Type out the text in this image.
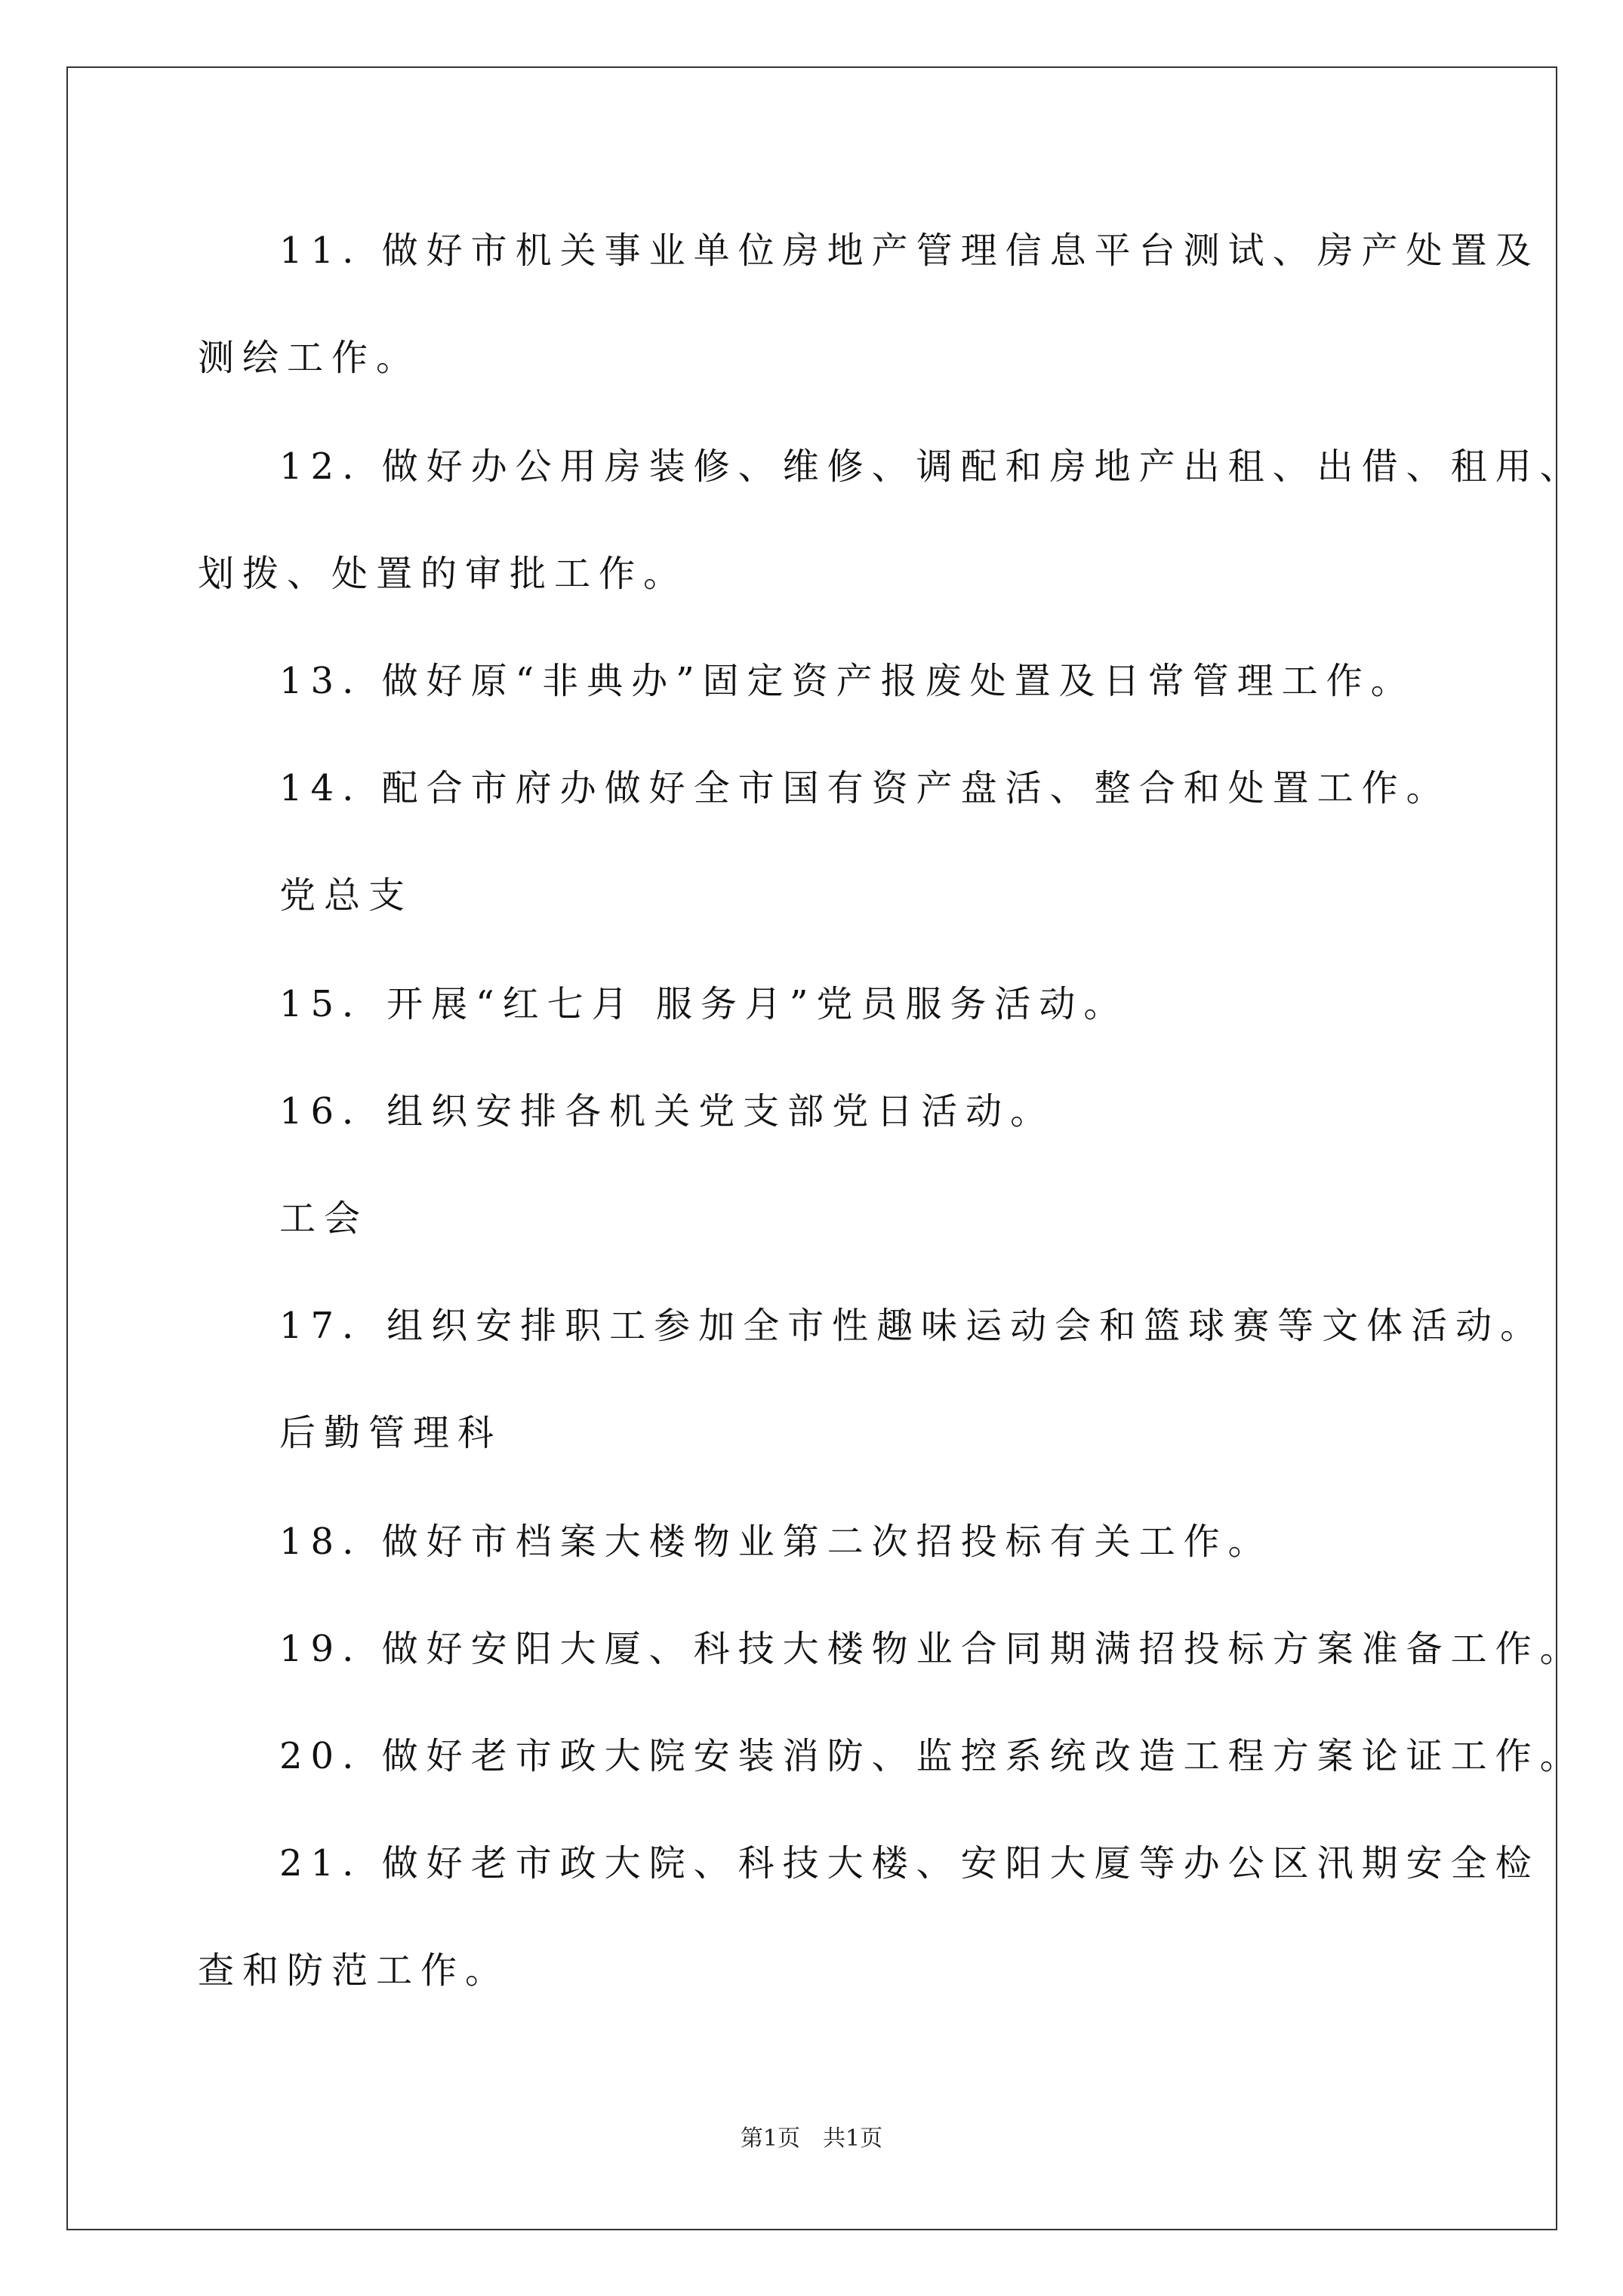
11. 做好市机关事业单位房地产管理信息平台测试、房产处置及
测绘工作。
12. 做好办公用房装修、维修、调配和房地产出租、出借、租用、
划拨、处置的审批工作。
13. 做好原“非典办”固定资产报废处置及日常管理工作。
14. 配合市府办做好全市国有资产盘活、整合和处置工作。
党总支
15．开展“红七月 服务月”党员服务活动。
16．组织安排各机关党支部党日活动。
工会
17．组织安排职工参加全市性趣味运动会和篮球赛等文体活动。
后勤管理科
18. 做好市档案大楼物业第二次招投标有关工作。
19. 做好安阳大厦、科技大楼物业合同期满招投标方案准备工作。
20. 做好老市政大院安装消防、监控系统改造工程方案论证工作。
21. 做好老市政大院、科技大楼、安阳大厦等办公区汛期安全检
查和防范工作。
第1页　共1页
